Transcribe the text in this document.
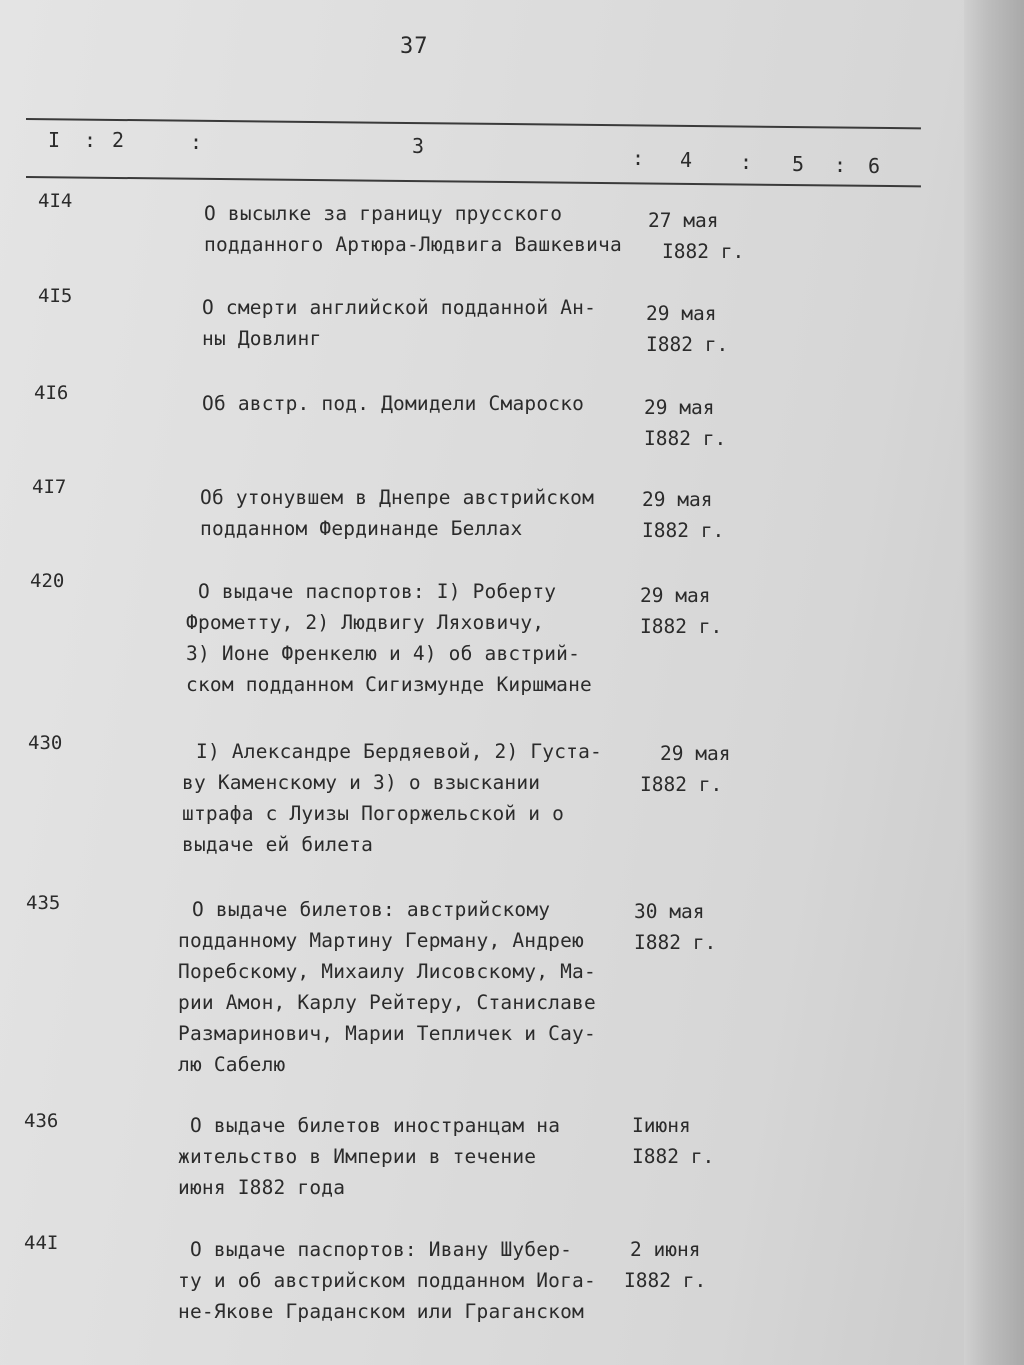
37
I : 2	:	3	: 4 : 5 : 6
4I4
О высылке за границу прусского
подданного Артюра-Людвига Вашкевича
27 мая
I882 г.
4I5	О смерти английской подданной Ан-
ны Довлинг
29 мая
I882 г.
4I6	Об австр. под. Домидели Смароско	29 мая
I882 г.
4I7	Об утонувшем в Днепре австрийском
подданном Фердинанде Беллах
29 мая
I882 г.
420	О выдаче паспортов: I) Роберту
Фрометту, 2) Людвигу Ляховичу,
3) Ионе Френкелю и 4) об австрий-
ском подданном Сигизмунде Киршмане
29 мая
I882 г.
430	I) Александре Бердяевой, 2) Густа-
ву Каменскому и 3) о взыскании
штрафа с Луизы Погоржельской и о
выдаче ей билета
29 мая
I882 г.
435	О выдаче билетов: австрийскому
подданному Мартину Герману, Андрею
Поребскому, Михаилу Лисовскому, Ма-
рии Амон, Карлу Рейтеру, Станиславе
Размаринович, Марии Тепличек и Сау-
лю Сабелю
30 мая
I882 г.
436	О выдаче билетов иностранцам на
жительство в Империи в течение
июня I882 года
Iиюня
I882 г.
44I	О выдаче паспортов: Ивану Шубер-
ту и об австрийском подданном Иога-
не-Якове Граданском или Граганском
2 июня
I882 г.
